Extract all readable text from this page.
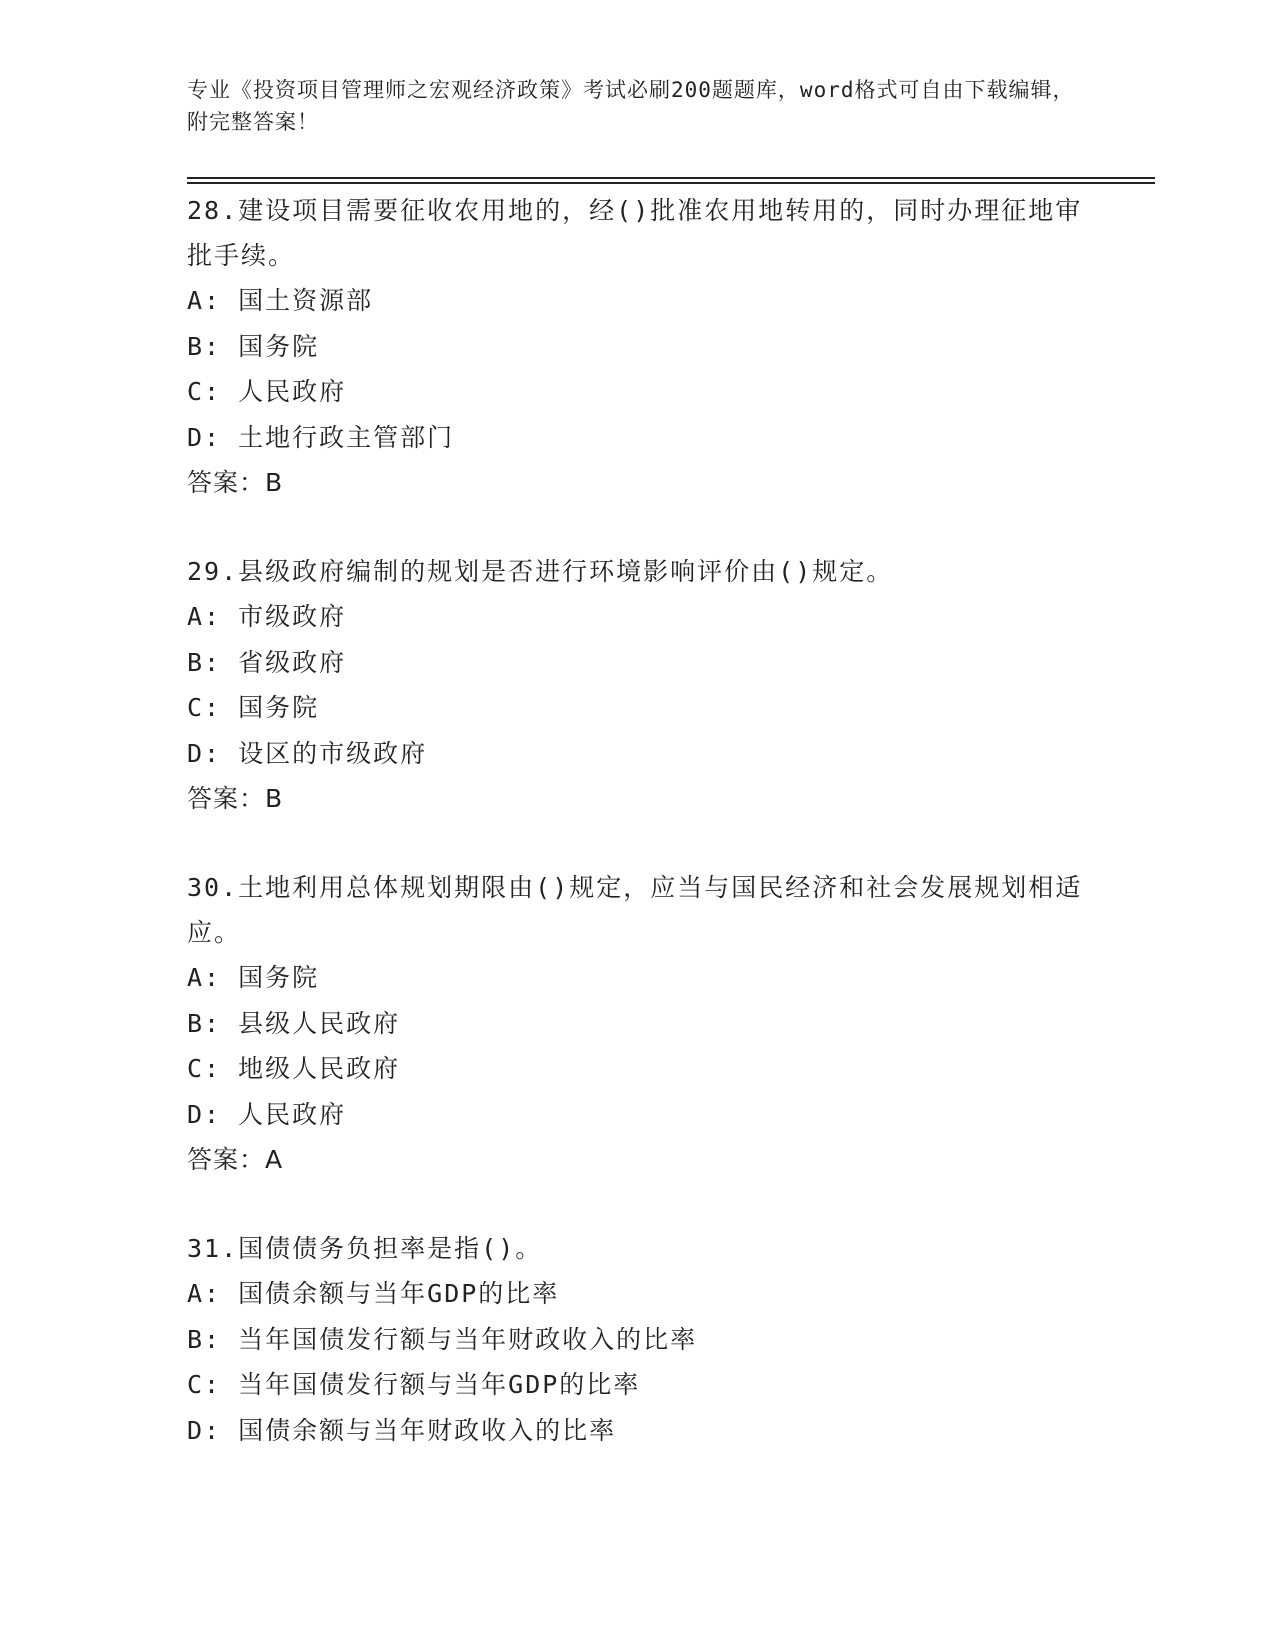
专业《投资项目管理师之宏观经济政策》考试必刷200题题库，word格式可自由下载编辑，附完整答案！
28.建设项目需要征收农用地的，经()批准农用地转用的，同时办理征地审批手续。
A: 国土资源部
B: 国务院
C: 人民政府
D: 土地行政主管部门
答案：B
29.县级政府编制的规划是否进行环境影响评价由()规定。
A: 市级政府
B: 省级政府
C: 国务院
D: 设区的市级政府
答案：B
30.土地利用总体规划期限由()规定，应当与国民经济和社会发展规划相适应。
A: 国务院
B: 县级人民政府
C: 地级人民政府
D: 人民政府
答案：A
31.国债债务负担率是指()。
A: 国债余额与当年GDP的比率
B: 当年国债发行额与当年财政收入的比率
C: 当年国债发行额与当年GDP的比率
D: 国债余额与当年财政收入的比率
